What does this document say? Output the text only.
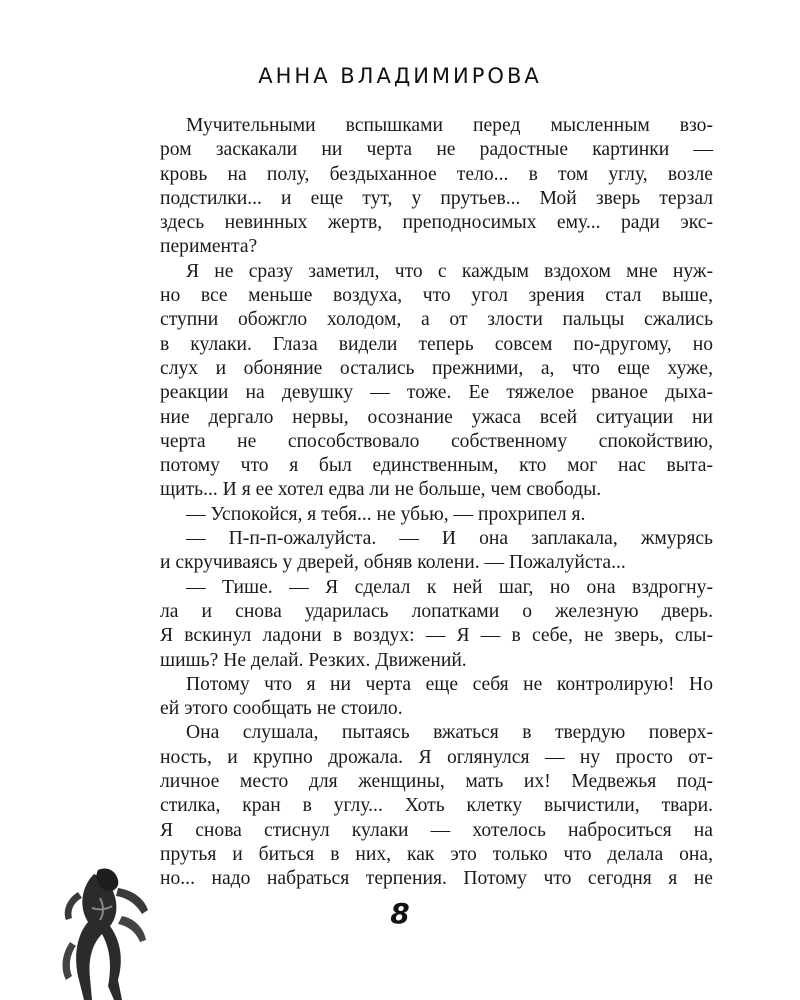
АННА ВЛАДИМИРОВА
Мучительными вспышками перед мысленным взо-
ром заскакали ни черта не радостные картинки —
кровь на полу, бездыханное тело... в том углу, возле
подстилки... и еще тут, у прутьев... Мой зверь терзал
здесь невинных жертв, преподносимых ему... ради экс-
перимента?
Я не сразу заметил, что с каждым вздохом мне нуж-
но все меньше воздуха, что угол зрения стал выше,
ступни обожгло холодом, а от злости пальцы сжались
в кулаки. Глаза видели теперь совсем по-другому, но
слух и обоняние остались прежними, а, что еще хуже,
реакции на девушку — тоже. Ее тяжелое рваное дыха-
ние дергало нервы, осознание ужаса всей ситуации ни
черта не способствовало собственному спокойствию,
потому что я был единственным, кто мог нас выта-
щить... И я ее хотел едва ли не больше, чем свободы.
— Успокойся, я тебя... не убью, — прохрипел я.
— П-п-п-ожалуйста. — И она заплакала, жмурясь
и скручиваясь у дверей, обняв колени. — Пожалуйста...
— Тише. — Я сделал к ней шаг, но она вздрогну-
ла и снова ударилась лопатками о железную дверь.
Я вскинул ладони в воздух: — Я — в себе, не зверь, слы-
шишь? Не делай. Резких. Движений.
Потому что я ни черта еще себя не контролирую! Но
ей этого сообщать не стоило.
Она слушала, пытаясь вжаться в твердую поверх-
ность, и крупно дрожала. Я оглянулся — ну просто от-
личное место для женщины, мать их! Медвежья под-
стилка, кран в углу... Хоть клетку вычистили, твари.
Я снова стиснул кулаки — хотелось наброситься на
прутья и биться в них, как это только что делала она,
но... надо набраться терпения. Потому что сегодня я не
8
